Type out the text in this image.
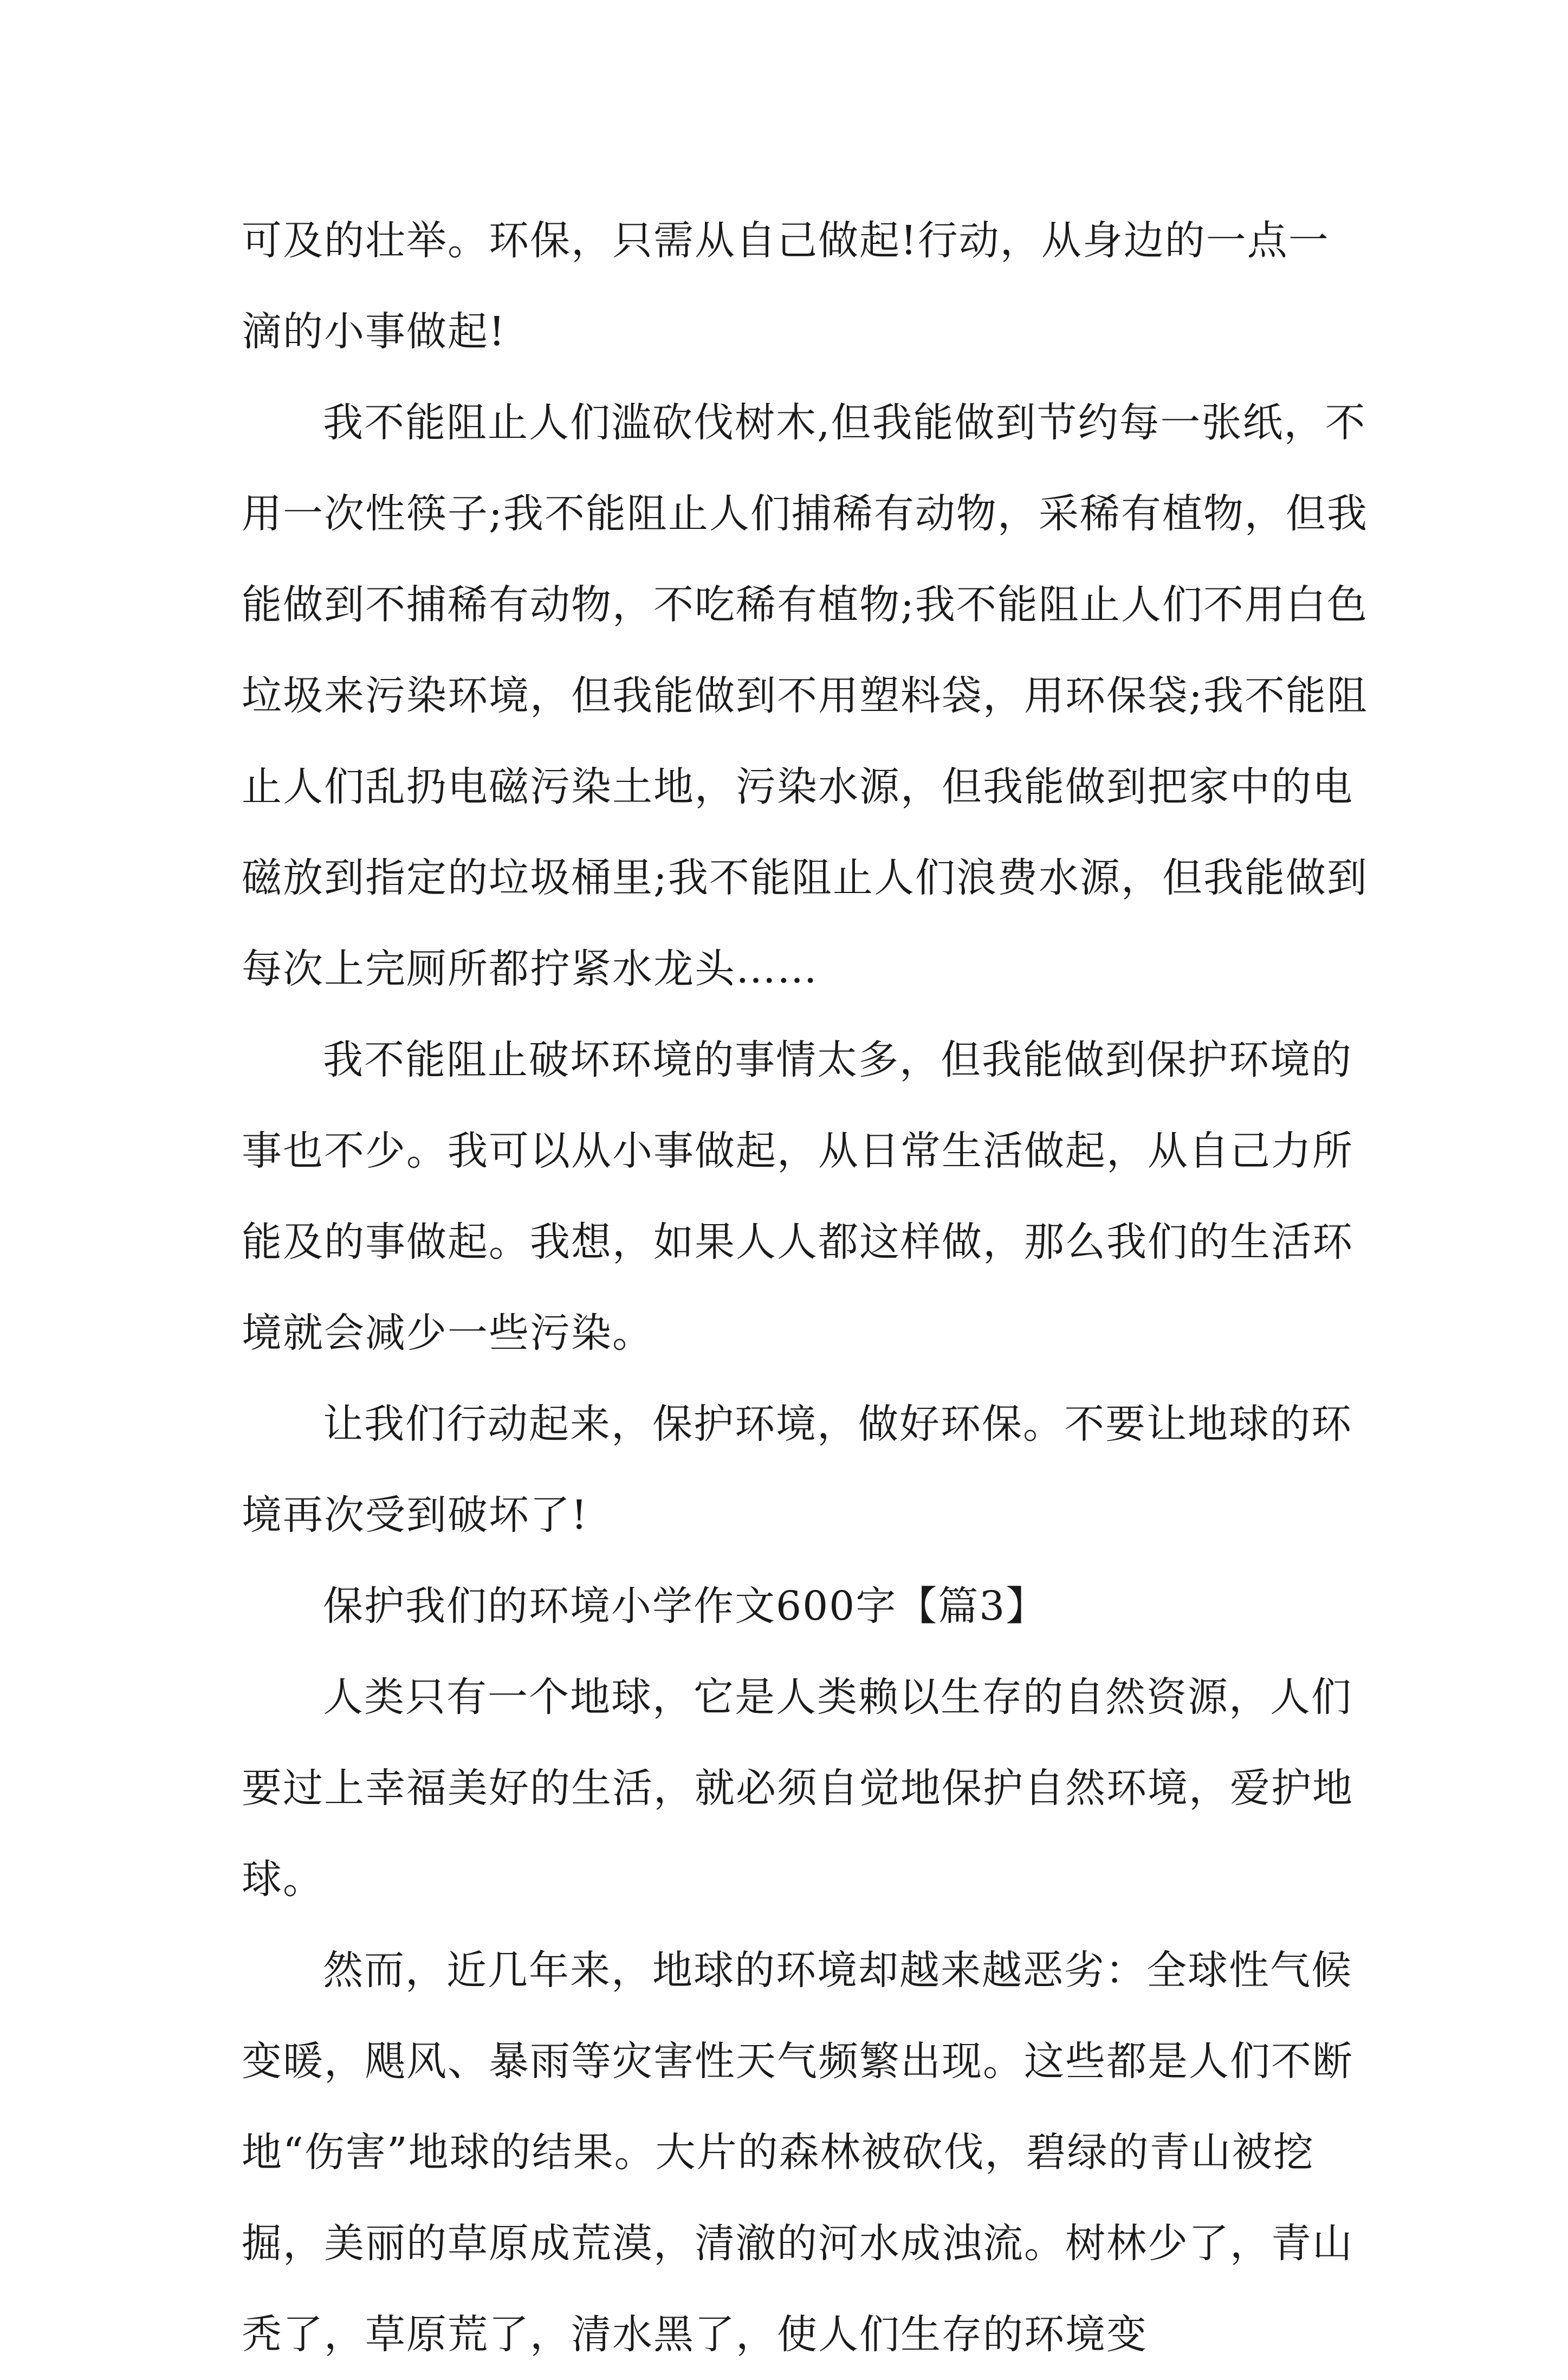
可及的壮举。环保，只需从自己做起!行动，从身边的一点一滴的小事做起!

我不能阻止人们滥砍伐树木,但我能做到节约每一张纸，不用一次性筷子;我不能阻止人们捕稀有动物，采稀有植物，但我能做到不捕稀有动物，不吃稀有植物;我不能阻止人们不用白色垃圾来污染环境，但我能做到不用塑料袋，用环保袋;我不能阻止人们乱扔电磁污染土地，污染水源，但我能做到把家中的电磁放到指定的垃圾桶里;我不能阻止人们浪费水源，但我能做到每次上完厕所都拧紧水龙头……

我不能阻止破坏环境的事情太多，但我能做到保护环境的事也不少。我可以从小事做起，从日常生活做起，从自己力所能及的事做起。我想，如果人人都这样做，那么我们的生活环境就会减少一些污染。

让我们行动起来，保护环境，做好环保。不要让地球的环境再次受到破坏了!

保护我们的环境小学作文600字【篇3】

人类只有一个地球，它是人类赖以生存的自然资源，人们要过上幸福美好的生活，就必须自觉地保护自然环境，爱护地球。

然而，近几年来，地球的环境却越来越恶劣：全球性气候变暖，飓风、暴雨等灾害性天气频繁出现。这些都是人们不断地“伤害”地球的结果。大片的森林被砍伐，碧绿的青山被挖掘，美丽的草原成荒漠，清澈的河水成浊流。树林少了，青山秃了，草原荒了，清水黑了，使人们生存的环境变
